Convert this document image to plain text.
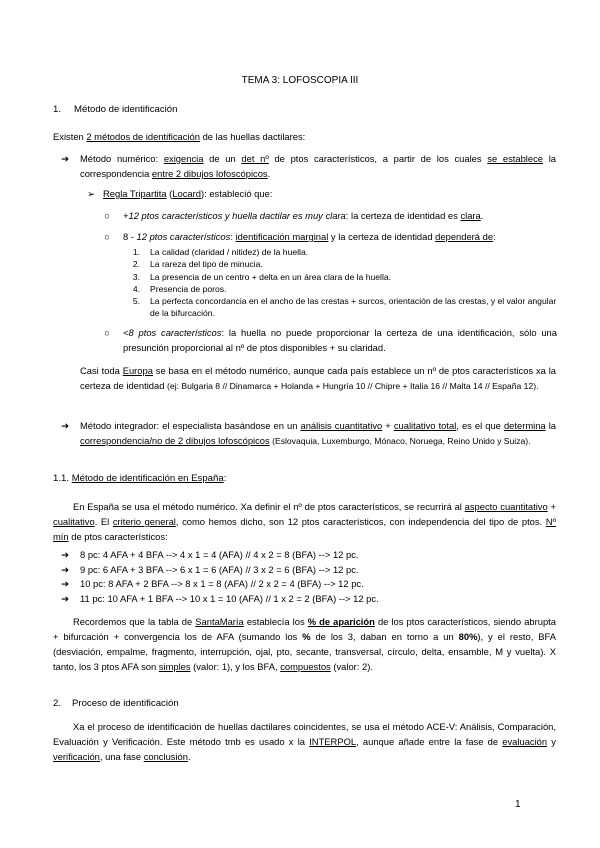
TEMA 3: LOFOSCOPIA III
1. Método de identificación
Existen 2 métodos de identificación de las huellas dactilares:
➔ Método numérico: exigencia de un det nº de ptos característicos, a partir de los cuales se establece la correspondencia entre 2 dibujos lofoscópicos.
➢ Regla Tripartita (Locard): estableció que:
○	+12 ptos característicos y huella dactilar es muy clara: la certeza de identidad es clara.
○	8 - 12 ptos característicos: identificación marginal y la certeza de identidad dependerá de:
1. La calidad (claridad / nitidez) de la huella.
2. La rareza del tipo de minucia.
3. La presencia de un centro + delta en un área clara de la huella.
4. Presencia de poros.
5. La perfecta concordancia en el ancho de las crestas + surcos, orientación de las crestas, y el valor angular de la bifurcación.
○	<8 ptos característicos: la huella no puede proporcionar la certeza de una identificación, sólo una presunción proporcional al nº de ptos disponibles + su claridad.
Casi toda Europa se basa en el método numérico, aunque cada país establece un nº de ptos característicos xa la certeza de identidad (ej: Bulgaria 8 // Dinamarca + Holanda + Hungría 10 // Chipre + Italia 16 // Malta 14 // España 12).
➔ Método integrador: el especialista basándose en un análisis cuantitativo + cualitativo total, es el que determina la correspondencia/no de 2 dibujos lofoscópicos (Eslovaquia, Luxemburgo, Mónaco, Noruega, Reino Unido y Suiza).
1.1. Método de identificación en España:
En España se usa el método numérico. Xa definir el nº de ptos característicos, se recurrirá al aspecto cuantitativo + cualitativo. El criterio general, como hemos dicho, son 12 ptos característicos, con independencia del tipo de ptos. Nº mín de ptos característicos:
➔ 8 pc: 4 AFA + 4 BFA --> 4 x 1 = 4 (AFA) // 4 x 2 = 8 (BFA) --> 12 pc.
➔ 9 pc: 6 AFA + 3 BFA --> 6 x 1 = 6 (AFA) // 3 x 2 = 6 (BFA) --> 12 pc.
➔ 10 pc: 8 AFA + 2 BFA --> 8 x 1 = 8 (AFA) // 2 x 2 = 4 (BFA) --> 12 pc.
➔ 11 pc: 10 AFA + 1 BFA --> 10 x 1 = 10 (AFA) // 1 x 2 = 2 (BFA) --> 12 pc.
Recordemos que la tabla de SantaMaría establecía los % de aparición de los ptos característicos, siendo abrupta + bifurcación + convergencia los de AFA (sumando los % de los 3, daban en torno a un 80%), y el resto, BFA (desviación, empalme, fragmento, interrupción, ojal, pto, secante, transversal, círculo, delta, ensamble, M y vuelta). X tanto, los 3 ptos AFA son simples (valor: 1), y los BFA, compuestos (valor: 2).
2. Proceso de identificación
Xa el proceso de identificación de huellas dactilares coincidentes, se usa el método ACE-V: Análisis, Comparación, Evaluación y Verificación. Este método tmb es usado x la INTERPOL, aunque añade entre la fase de evaluación y verificación, una fase conclusión.
1
